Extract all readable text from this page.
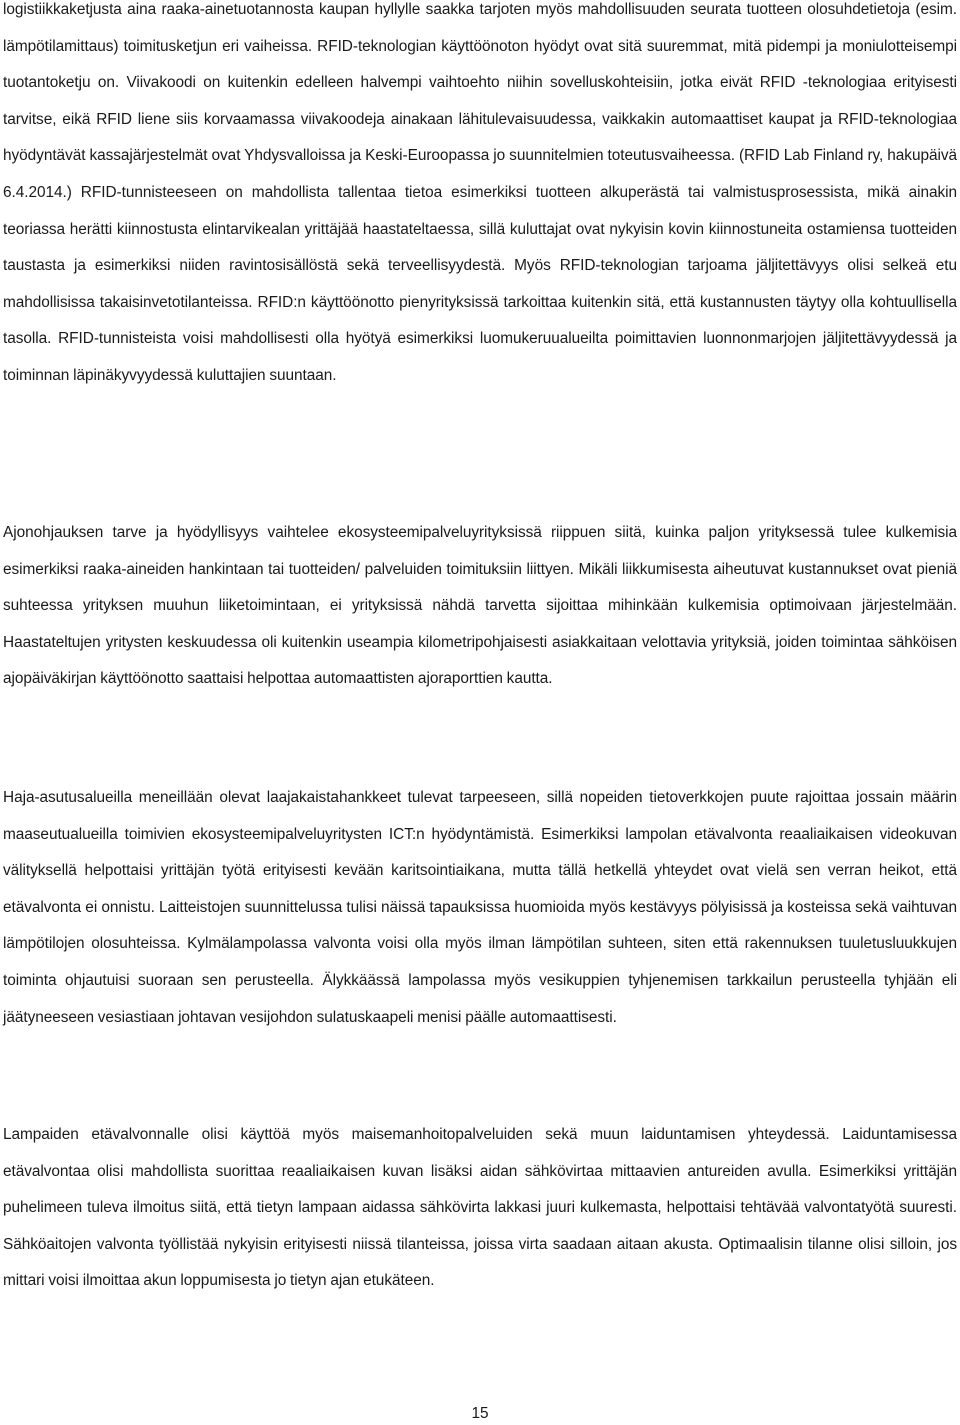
logistiikkaketjusta aina raaka-ainetuotannosta kaupan hyllylle saakka tarjoten myös mahdollisuuden seurata tuotteen olosuhdetietoja (esim. lämpötilamittaus) toimitusketjun eri vaiheissa. RFID-teknologian käyttöönoton hyödyt ovat sitä suuremmat, mitä pidempi ja moniulotteisempi tuotantoketju on. Viivakoodi on kuitenkin edelleen halvempi vaihtoehto niihin sovelluskohteisiin, jotka eivät RFID -teknologiaa erityisesti tarvitse, eikä RFID liene siis korvaamassa viivakoodeja ainakaan lähitulevaisuudessa, vaikkakin automaattiset kaupat ja RFID-teknologiaa hyödyntävät kassajärjestelmät ovat Yhdysvalloissa ja Keski-Euroopassa jo suunnitelmien toteutusvaiheessa. (RFID Lab Finland ry, hakupäivä 6.4.2014.) RFID-tunnisteeseen on mahdollista tallentaa tietoa esimerkiksi tuotteen alkuperästä tai valmistusprosessista, mikä ainakin teoriassa herätti kiinnostusta elintarvikealan yrittäjää haastateltaessa, sillä kuluttajat ovat nykyisin kovin kiinnostuneita ostamiensa tuotteiden taustasta ja esimerkiksi niiden ravintosisällöstä sekä terveellisyydestä. Myös RFID-teknologian tarjoama jäljitettävyys olisi selkeä etu mahdollisissa takaisinvetotilanteissa. RFID:n käyttöönotto pienyrityksissä tarkoittaa kuitenkin sitä, että kustannusten täytyy olla kohtuullisella tasolla. RFID-tunnisteista voisi mahdollisesti olla hyötyä esimerkiksi luomukeruualueilta poimittavien luonnonmarjojen jäljitettävyydessä ja toiminnan läpinäkyvyydessä kuluttajien suuntaan.

Ajonohjauksen tarve ja hyödyllisyys vaihtelee ekosysteemipalveluyrityksissä riippuen siitä, kuinka paljon yrityksessä tulee kulkemisia esimerkiksi raaka-aineiden hankintaan tai tuotteiden/ palveluiden toimituksiin liittyen. Mikäli liikkumisesta aiheutuvat kustannukset ovat pieniä suhteessa yrityksen muuhun liiketoimintaan, ei yrityksissä nähdä tarvetta sijoittaa mihinkään kulkemisia optimoivaan järjestelmään. Haastateltujen yritysten keskuudessa oli kuitenkin useampia kilometripohjaisesti asiakkaitaan velottavia yrityksiä, joiden toimintaa sähköisen ajopäiväkirjan käyttöönotto saattaisi helpottaa automaattisten ajoraporttien kautta.

Haja-asutusalueilla meneillään olevat laajakaistahankkeet tulevat tarpeeseen, sillä nopeiden tietoverkkojen puute rajoittaa jossain määrin maaseutualueilla toimivien ekosysteemipalveluyritysten ICT:n hyödyntämistä. Esimerkiksi lampolan etävalvonta reaaliaikaisen videokuvan välityksellä helpottaisi yrittäjän työtä erityisesti kevään karitsointiaikana, mutta tällä hetkellä yhteydet ovat vielä sen verran heikot, että etävalvonta ei onnistu. Laitteistojen suunnittelussa tulisi näissä tapauksissa huomioida myös kestävyys pölyisissä ja kosteissa sekä vaihtuvan lämpötilojen olosuhteissa. Kylmälampolassa valvonta voisi olla myös ilman lämpötilan suhteen, siten että rakennuksen tuuletusluukkujen toiminta ohjautuisi suoraan sen perusteella. Älykkäässä lampolassa myös vesikuppien tyhjenemisen tarkkailun perusteella tyhjään eli jäätyneeseen vesiastiaan johtavan vesijohdon sulatuskaapeli menisi päälle automaattisesti.

Lampaiden etävalvonnalle olisi käyttöä myös maisemanhoitopalveluiden sekä muun laiduntamisen yhteydessä. Laiduntamisessa etävalvontaa olisi mahdollista suorittaa reaaliaikaisen kuvan lisäksi aidan sähkövirtaa mittaavien antureiden avulla. Esimerkiksi yrittäjän puhelimeen tuleva ilmoitus siitä, että tietyn lampaan aidassa sähkövirta lakkasi juuri kulkemasta, helpottaisi tehtävää valvontatyötä suuresti. Sähköaitojen valvonta työllistää nykyisin erityisesti niissä tilanteissa, joissa virta saadaan aitaan akusta. Optimaalisin tilanne olisi silloin, jos mittari voisi ilmoittaa akun loppumisesta jo tietyn ajan etukäteen.

15
